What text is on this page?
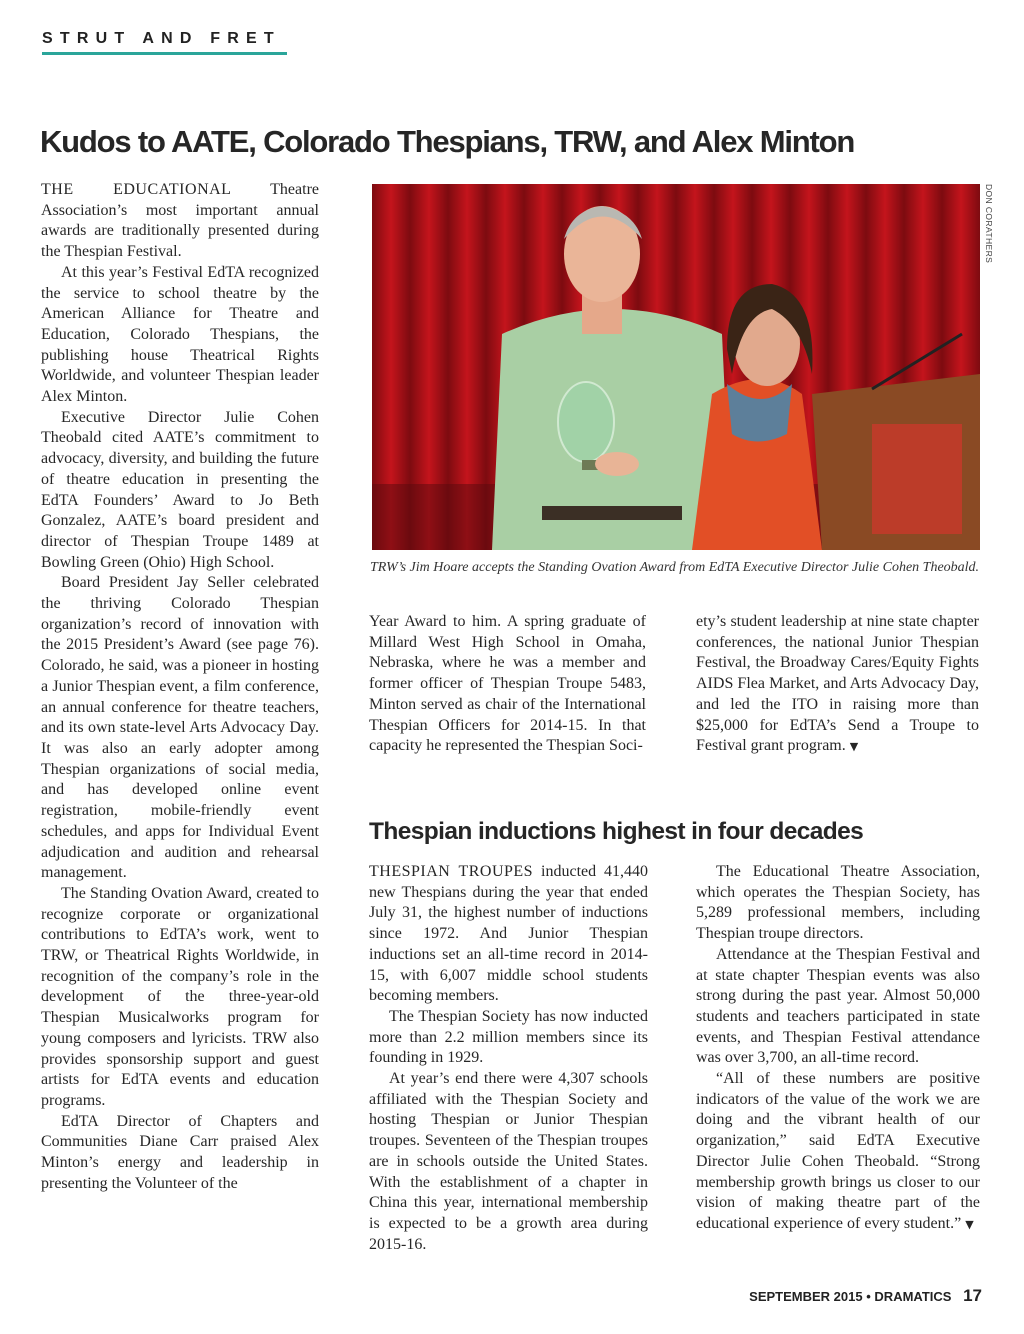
STRUT AND FRET
Kudos to AATE, Colorado Thespians, TRW, and Alex Minton

THE EDUCATIONAL Theatre Association’s most important annual awards are traditionally presented during the Thespian Festival.

At this year’s Festival EdTA recognized the service to school theatre by the American Alliance for Theatre and Education, Colorado Thespians, the publishing house Theatrical Rights Worldwide, and volunteer Thespian leader Alex Minton.

Executive Director Julie Cohen Theobald cited AATE’s commitment to advocacy, diversity, and building the future of theatre education in presenting the EdTA Founders’ Award to Jo Beth Gonzalez, AATE’s board president and director of Thespian Troupe 1489 at Bowling Green (Ohio) High School.

Board President Jay Seller celebrated the thriving Colorado Thespian organization’s record of innovation with the 2015 President’s Award (see page 76). Colorado, he said, was a pioneer in hosting a Junior Thespian event, a film conference, an annual conference for theatre teachers, and its own state-level Arts Advocacy Day. It was also an early adopter among Thespian organizations of social media, and has developed online event registration, mobile-friendly event schedules, and apps for Individual Event adjudication and audition and rehearsal management.

The Standing Ovation Award, created to recognize corporate or organizational contributions to EdTA’s work, went to TRW, or Theatrical Rights Worldwide, in recognition of the company’s role in the development of the three-year-old Thespian Musicalworks program for young composers and lyricists. TRW also provides sponsorship support and guest artists for EdTA events and education programs.

EdTA Director of Chapters and Communities Diane Carr praised Alex Minton’s energy and leadership in presenting the Volunteer of the

DON CORATHERS
TRW’s Jim Hoare accepts the Standing Ovation Award from EdTA Executive Director Julie Cohen Theobald.

Year Award to him. A spring graduate of Millard West High School in Omaha, Nebraska, where he was a member and former officer of Thespian Troupe 5483, Minton served as chair of the International Thespian Officers for 2014-15. In that capacity he represented the Thespian Soci-

ety’s student leadership at nine state chapter conferences, the national Junior Thespian Festival, the Broadway Cares/Equity Fights AIDS Flea Market, and Arts Advocacy Day, and led the ITO in raising more than $25,000 for EdTA’s Send a Troupe to Festival grant program. ▼

Thespian inductions highest in four decades

THESPIAN TROUPES inducted 41,440 new Thespians during the year that ended July 31, the highest number of inductions since 1972. And Junior Thespian inductions set an all-time record in 2014-15, with 6,007 middle school students becoming members.

The Thespian Society has now inducted more than 2.2 million members since its founding in 1929.

At year’s end there were 4,307 schools affiliated with the Thespian Society and hosting Thespian or Junior Thespian troupes. Seventeen of the Thespian troupes are in schools outside the United States. With the establishment of a chapter in China this year, international membership is expected to be a growth area during 2015-16.

The Educational Theatre Association, which operates the Thespian Society, has 5,289 professional members, including Thespian troupe directors.

Attendance at the Thespian Festival and at state chapter Thespian events was also strong during the past year. Almost 50,000 students and teachers participated in state events, and Thespian Festival attendance was over 3,700, an all-time record.

“All of these numbers are positive indicators of the value of the work we are doing and the vibrant health of our organization,” said EdTA Executive Director Julie Cohen Theobald. “Strong membership growth brings us closer to our vision of making theatre part of the educational experience of every student.” ▼

SEPTEMBER 2015 • DRAMATICS 17
